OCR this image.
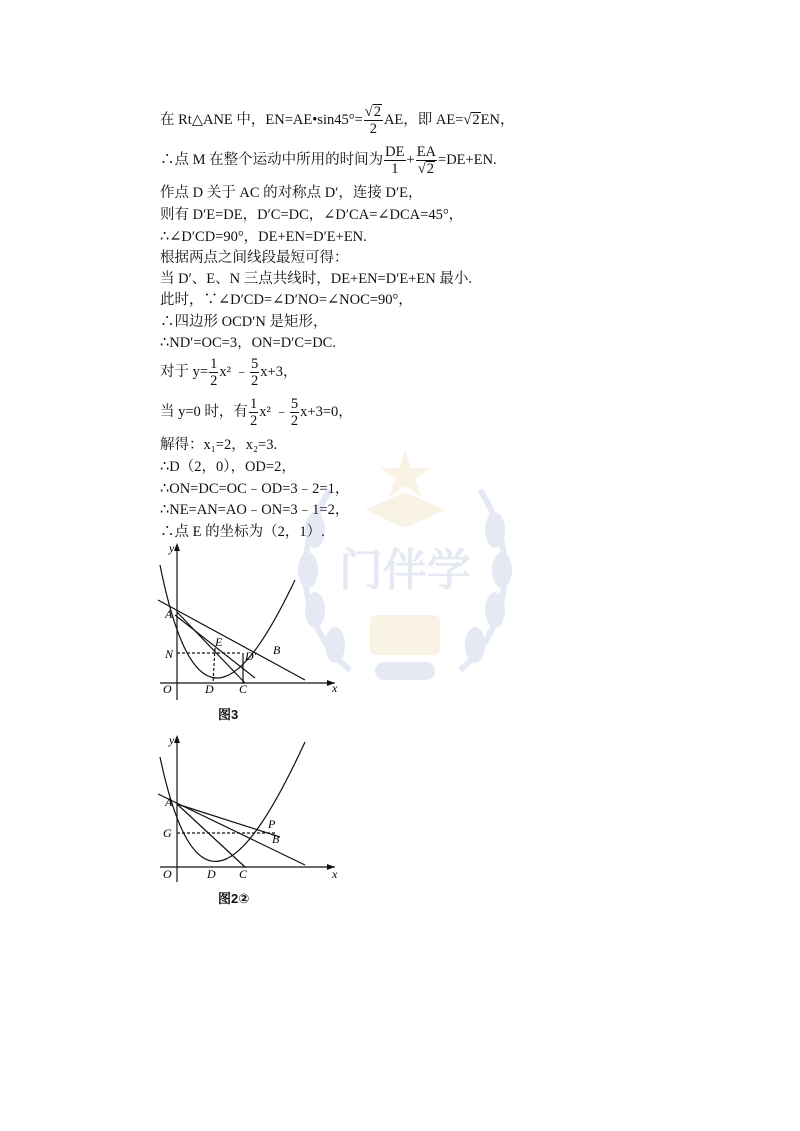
在 Rt△ANE 中，EN=AE•sin45°= $\frac{√2}{2}$ AE，即 AE=√2EN，
∴点 M 在整个运动中所用的时间为 $\frac{DE}{1} + \frac{EA}{√2} =DE+EN$.
作点 D 关于 AC 的对称点 D′，连接 D′E，
则有 D′E=DE，D′C=DC，∠D′CA=∠DCA=45°，
∴∠D′CD=90°，DE+EN=D′E+EN.
根据两点之间线段最短可得：
当 D′、E、N 三点共线时，DE+EN=D′E+EN 最小.
此时，∵∠D′CD=∠D′NO=∠NOC=90°，
∴四边形 OCD′N 是矩形，
∴ND′=OC=3，ON=D′C=DC.
对于 $y= \frac{1}{2} x^2$ ﹣ $\frac{5}{2} x+3$，
当 y=0 时，有 $\frac{1}{2} x^2$ ﹣ $\frac{5}{2} x+3=0$，
解得：x₁=2，x₂=3.
∴D（2，0），OD=2，
∴ON=DC=OC﹣OD=3﹣2=1，
∴NE=AN=AO﹣ON=3﹣1=2，
∴点 E 的坐标为（2，1）.
门伴学
y
x
O
A
N
E
D′ B
D C
图3
y
x
O
A
G
P
B
D C
图2②
